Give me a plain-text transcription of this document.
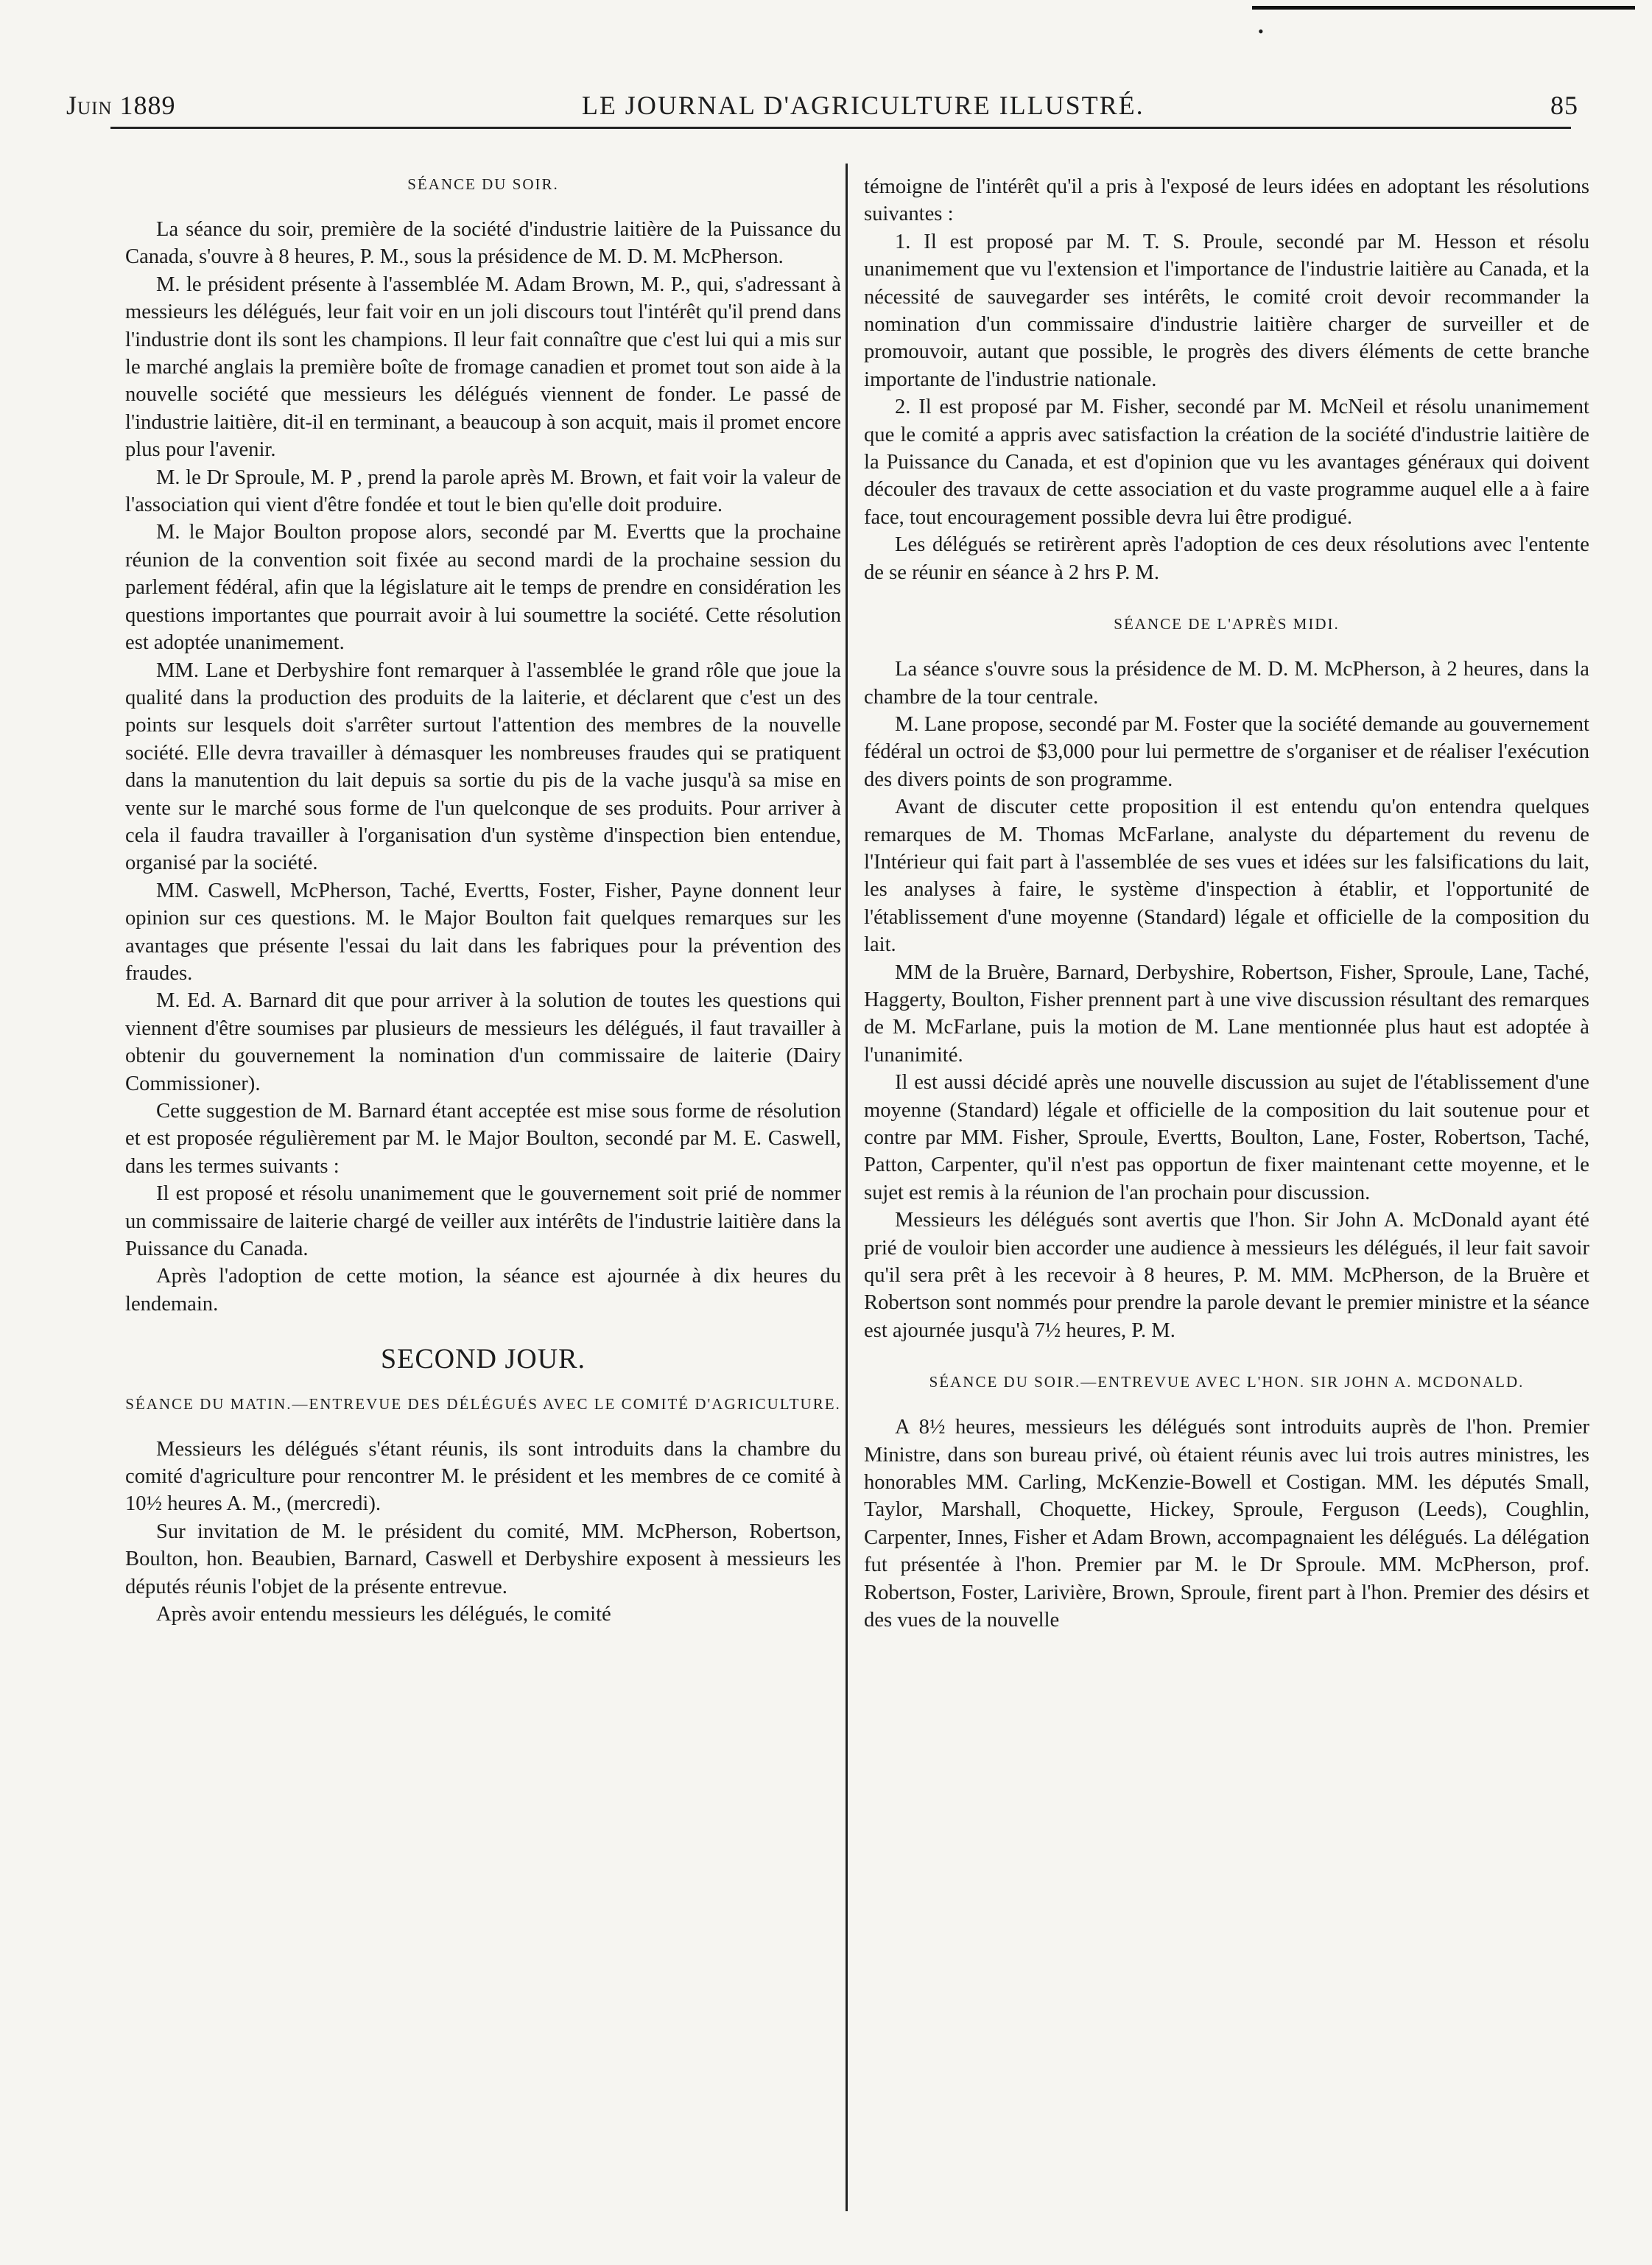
•
Juin 1889	LE JOURNAL D'AGRICULTURE ILLUSTRÉ.	85
SÉANCE DU SOIR.

La séance du soir, première de la société d'industrie laitière de la Puissance du Canada, s'ouvre à 8 heures, P. M., sous la présidence de M. D. M. McPherson.

M. le président présente à l'assemblée M. Adam Brown, M. P., qui, s'adressant à messieurs les délégués, leur fait voir en un joli discours tout l'intérêt qu'il prend dans l'industrie dont ils sont les champions. Il leur fait connaître que c'est lui qui a mis sur le marché anglais la première boîte de fromage canadien et promet tout son aide à la nouvelle société que messieurs les délégués viennent de fonder. Le passé de l'industrie laitière, dit-il en terminant, a beaucoup à son acquit, mais il promet encore plus pour l'avenir.

M. le Dr Sproule, M. P , prend la parole après M. Brown, et fait voir la valeur de l'association qui vient d'être fondée et tout le bien qu'elle doit produire.

M. le Major Boulton propose alors, secondé par M. Evertts que la prochaine réunion de la convention soit fixée au second mardi de la prochaine session du parlement fédéral, afin que la législature ait le temps de prendre en considération les questions importantes que pourrait avoir à lui soumettre la société. Cette résolution est adoptée unanimement.

MM. Lane et Derbyshire font remarquer à l'assemblée le grand rôle que joue la qualité dans la production des produits de la laiterie, et déclarent que c'est un des points sur lesquels doit s'arrêter surtout l'attention des membres de la nouvelle société. Elle devra travailler à démasquer les nombreuses fraudes qui se pratiquent dans la manutention du lait depuis sa sortie du pis de la vache jusqu'à sa mise en vente sur le marché sous forme de l'un quelconque de ses produits. Pour arriver à cela il faudra travailler à l'organisation d'un système d'inspection bien entendue, organisé par la société.

MM. Caswell, McPherson, Taché, Evertts, Foster, Fisher, Payne donnent leur opinion sur ces questions. M. le Major Boulton fait quelques remarques sur les avantages que présente l'essai du lait dans les fabriques pour la prévention des fraudes.

M. Ed. A. Barnard dit que pour arriver à la solution de toutes les questions qui viennent d'être soumises par plusieurs de messieurs les délégués, il faut travailler à obtenir du gouvernement la nomination d'un commissaire de laiterie (Dairy Commissioner).

Cette suggestion de M. Barnard étant acceptée est mise sous forme de résolution et est proposée régulièrement par M. le Major Boulton, secondé par M. E. Caswell, dans les termes suivants :

Il est proposé et résolu unanimement que le gouvernement soit prié de nommer un commissaire de laiterie chargé de veiller aux intérêts de l'industrie laitière dans la Puissance du Canada.

Après l'adoption de cette motion, la séance est ajournée à dix heures du lendemain.

SECOND JOUR.
SÉANCE DU MATIN.—ENTREVUE DES DÉLÉGUÉS AVEC LE COMITÉ D'AGRICULTURE.

Messieurs les délégués s'étant réunis, ils sont introduits dans la chambre du comité d'agriculture pour rencontrer M. le président et les membres de ce comité à 10½ heures A. M., (mercredi).

Sur invitation de M. le président du comité, MM. McPherson, Robertson, Boulton, hon. Beaubien, Barnard, Caswell et Derbyshire exposent à messieurs les députés réunis l'objet de la présente entrevue.

Après avoir entendu messieurs les délégués, le comité

témoigne de l'intérêt qu'il a pris à l'exposé de leurs idées en adoptant les résolutions suivantes :

1. Il est proposé par M. T. S. Proule, secondé par M. Hesson et résolu unanimement que vu l'extension et l'importance de l'industrie laitière au Canada, et la nécessité de sauvegarder ses intérêts, le comité croit devoir recommander la nomination d'un commissaire d'industrie laitière charger de surveiller et de promouvoir, autant que possible, le progrès des divers éléments de cette branche importante de l'industrie nationale.

2. Il est proposé par M. Fisher, secondé par M. McNeil et résolu unanimement que le comité a appris avec satisfaction la création de la société d'industrie laitière de la Puissance du Canada, et est d'opinion que vu les avantages généraux qui doivent découler des travaux de cette association et du vaste programme auquel elle a à faire face, tout encouragement possible devra lui être prodigué.

Les délégués se retirèrent après l'adoption de ces deux résolutions avec l'entente de se réunir en séance à 2 hrs P. M.

SÉANCE DE L'APRÈS MIDI.

La séance s'ouvre sous la présidence de M. D. M. McPherson, à 2 heures, dans la chambre de la tour centrale.

M. Lane propose, secondé par M. Foster que la société demande au gouvernement fédéral un octroi de $3,000 pour lui permettre de s'organiser et de réaliser l'exécution des divers points de son programme.

Avant de discuter cette proposition il est entendu qu'on entendra quelques remarques de M. Thomas McFarlane, analyste du département du revenu de l'Intérieur qui fait part à l'assemblée de ses vues et idées sur les falsifications du lait, les analyses à faire, le système d'inspection à établir, et l'opportunité de l'établissement d'une moyenne (Standard) légale et officielle de la composition du lait.

MM de la Bruère, Barnard, Derbyshire, Robertson, Fisher, Sproule, Lane, Taché, Haggerty, Boulton, Fisher prennent part à une vive discussion résultant des remarques de M. McFarlane, puis la motion de M. Lane mentionnée plus haut est adoptée à l'unanimité.

Il est aussi décidé après une nouvelle discussion au sujet de l'établissement d'une moyenne (Standard) légale et officielle de la composition du lait soutenue pour et contre par MM. Fisher, Sproule, Evertts, Boulton, Lane, Foster, Robertson, Taché, Patton, Carpenter, qu'il n'est pas opportun de fixer maintenant cette moyenne, et le sujet est remis à la réunion de l'an prochain pour discussion.

Messieurs les délégués sont avertis que l'hon. Sir John A. McDonald ayant été prié de vouloir bien accorder une audience à messieurs les délégués, il leur fait savoir qu'il sera prêt à les recevoir à 8 heures, P. M. MM. McPherson, de la Bruère et Robertson sont nommés pour prendre la parole devant le premier ministre et la séance est ajournée jusqu'à 7½ heures, P. M.

SÉANCE DU SOIR.—ENTREVUE AVEC L'HON. SIR JOHN A. MCDONALD.

A 8½ heures, messieurs les délégués sont introduits auprès de l'hon. Premier Ministre, dans son bureau privé, où étaient réunis avec lui trois autres ministres, les honorables MM. Carling, McKenzie-Bowell et Costigan. MM. les députés Small, Taylor, Marshall, Choquette, Hickey, Sproule, Ferguson (Leeds), Coughlin, Carpenter, Innes, Fisher et Adam Brown, accompagnaient les délégués. La délégation fut présentée à l'hon. Premier par M. le Dr Sproule. MM. McPherson, prof. Robertson, Foster, Larivière, Brown, Sproule, firent part à l'hon. Premier des désirs et des vues de la nouvelle
